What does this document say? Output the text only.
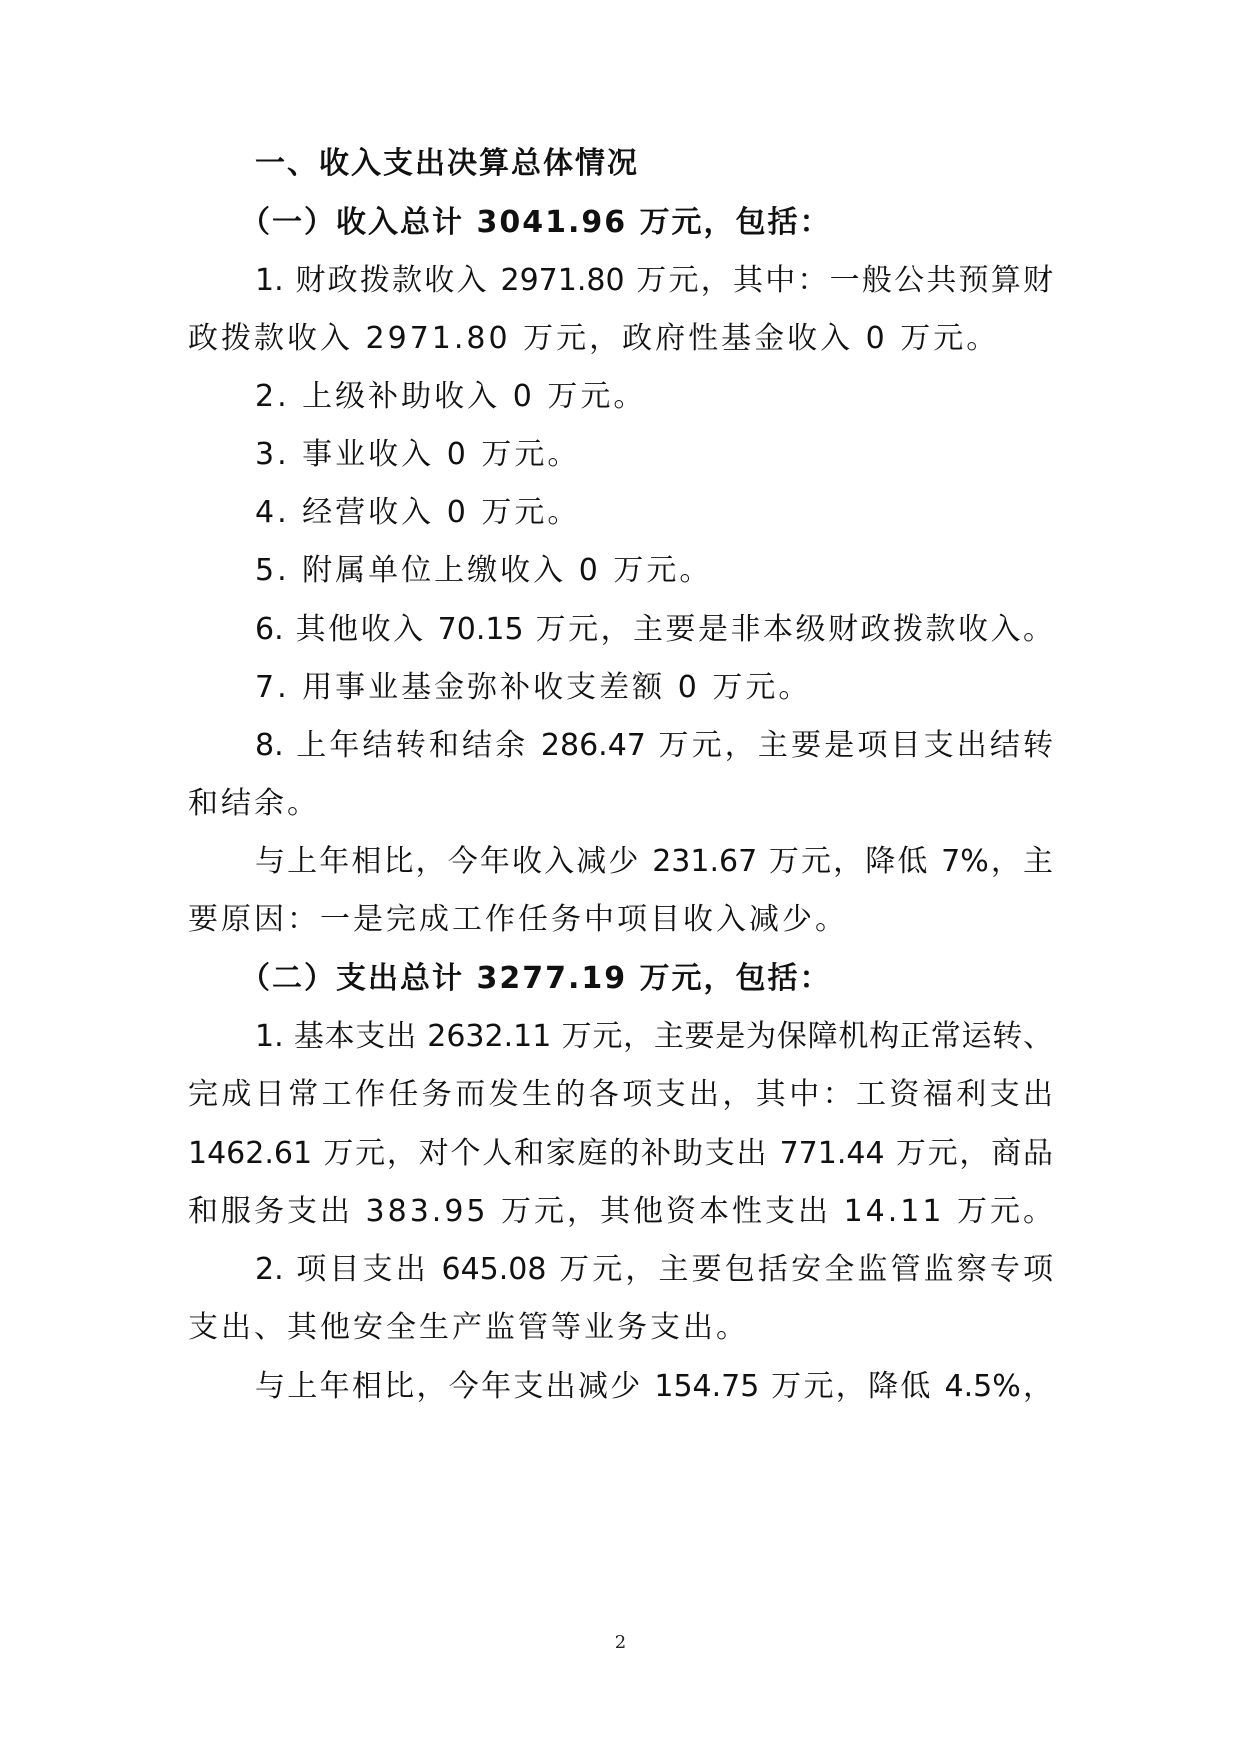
一、收入支出决算总体情况

（一）收入总计 3041.96 万元，包括：

1. 财政拨款收入 2971.80 万元，其中：一般公共预算财

政拨款收入 2971.80 万元，政府性基金收入 0 万元。

2. 上级补助收入 0 万元。

3. 事业收入 0 万元。

4. 经营收入 0 万元。

5. 附属单位上缴收入 0 万元。

6. 其他收入 70.15 万元，主要是非本级财政拨款收入。

7. 用事业基金弥补收支差额 0 万元。

8. 上年结转和结余 286.47 万元，主要是项目支出结转

和结余。

与上年相比，今年收入减少 231.67 万元，降低 7%，主

要原因：一是完成工作任务中项目收入减少。

（二）支出总计 3277.19 万元，包括：

1. 基本支出 2632.11 万元，主要是为保障机构正常运转、

完成日常工作任务而发生的各项支出，其中：工资福利支出

1462.61 万元，对个人和家庭的补助支出 771.44 万元，商品

和服务支出 383.95 万元，其他资本性支出 14.11 万元。

2. 项目支出 645.08 万元，主要包括安全监管监察专项

支出、其他安全生产监管等业务支出。

与上年相比，今年支出减少 154.75 万元，降低 4.5%，

2
